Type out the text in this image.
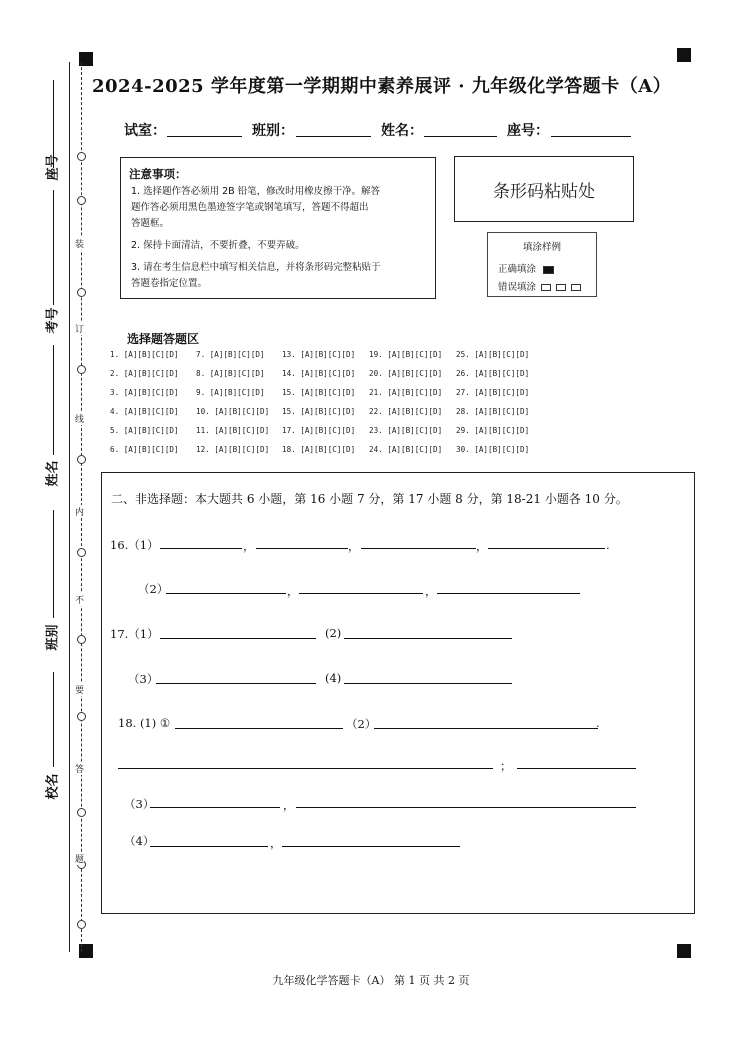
装
订
线
内
不
要
答
题
座号
考号
姓名
班别
校名
2024-2025 学年度第一学期期中素养展评 · 九年级化学答题卡（A）
试室：	班别：	姓名：	座号：
注意事项：
1. 选择题作答必须用 2B 铅笔，修改时用橡皮擦干净。解答
题作答必须用黑色墨迹签字笔或钢笔填写，答题不得超出
答题框。
2. 保持卡面清洁，不要折叠，不要弄破。
3. 请在考生信息栏中填写相关信息，并将条形码完整粘贴于
答题卷指定位置。
条形码粘贴处
填涂样例
正确填涂
错误填涂
选择题答题区
1. [A][B][C][D] 7. [A][B][C][D] 13. [A][B][C][D] 19. [A][B][C][D] 25. [A][B][C][D]
2. [A][B][C][D] 8. [A][B][C][D] 14. [A][B][C][D] 20. [A][B][C][D] 26. [A][B][C][D]
3. [A][B][C][D] 9. [A][B][C][D] 15. [A][B][C][D] 21. [A][B][C][D] 27. [A][B][C][D]
4. [A][B][C][D] 10. [A][B][C][D] 15. [A][B][C][D] 22. [A][B][C][D] 28. [A][B][C][D]
5. [A][B][C][D] 11. [A][B][C][D] 17. [A][B][C][D] 23. [A][B][C][D] 29. [A][B][C][D]
6. [A][B][C][D] 12. [A][B][C][D] 18. [A][B][C][D] 24. [A][B][C][D] 30. [A][B][C][D]
二、非选择题：本大题共 6 小题，第 16 小题 7 分，第 17 小题 8 分，第 18-21 小题各 10 分。
16.（1）	，	，	，	.
（2）	，	，
17.（1）	(2)
（3）	(4)
18. (1) ①	（2）	.
；
（3）	，
（4）	，
九年级化学答题卡（A） 第 1 页 共 2 页
